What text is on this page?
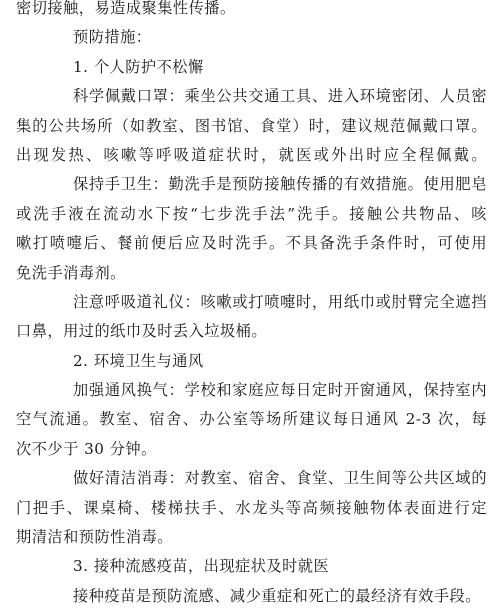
密切接触，易造成聚集性传播。
预防措施：
1. 个人防护不松懈
科学佩戴口罩：乘坐公共交通工具、进入环境密闭、人员密
集的公共场所（如教室、图书馆、食堂）时，建议规范佩戴口罩。
出现发热、咳嗽等呼吸道症状时，就医或外出时应全程佩戴。
保持手卫生：勤洗手是预防接触传播的有效措施。使用肥皂
或洗手液在流动水下按“七步洗手法”洗手。接触公共物品、咳
嗽打喷嚏后、餐前便后应及时洗手。不具备洗手条件时，可使用
免洗手消毒剂。
注意呼吸道礼仪：咳嗽或打喷嚏时，用纸巾或肘臂完全遮挡
口鼻，用过的纸巾及时丢入垃圾桶。
2. 环境卫生与通风
加强通风换气：学校和家庭应每日定时开窗通风，保持室内
空气流通。教室、宿舍、办公室等场所建议每日通风 2-3 次，每
次不少于 30 分钟。
做好清洁消毒：对教室、宿舍、食堂、卫生间等公共区域的
门把手、课桌椅、楼梯扶手、水龙头等高频接触物体表面进行定
期清洁和预防性消毒。
3. 接种流感疫苗，出现症状及时就医
接种疫苗是预防流感、减少重症和死亡的最经济有效手段。
